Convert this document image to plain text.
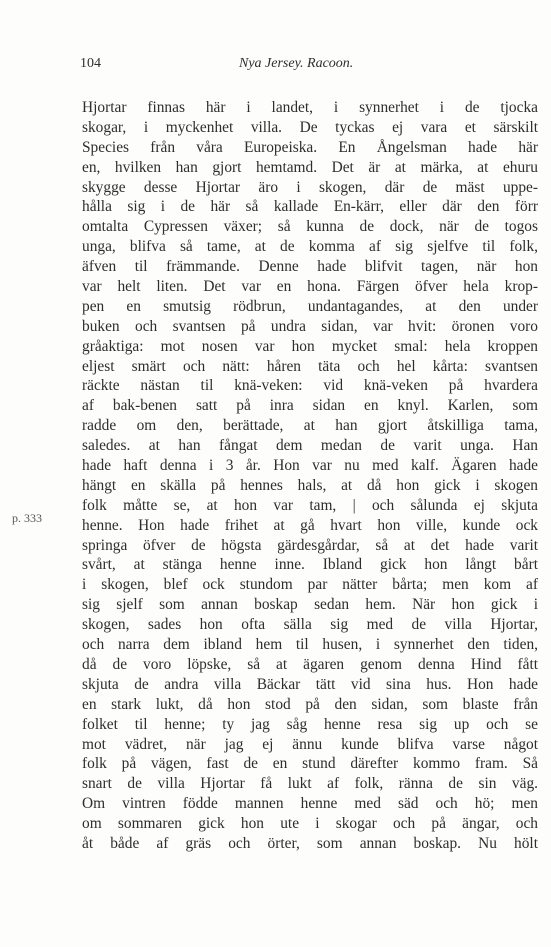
104	Nya Jersey. Racoon.
p. 333
Hjortar finnas här i landet, i synnerhet i de tjocka
skogar, i myckenhet villa. De tyckas ej vara et särskilt
Species från våra Europeiska. En Ångelsman hade här
en, hvilken han gjort hemtamd. Det är at märka, at ehuru
skygge desse Hjortar äro i skogen, där de mäst uppe-
hålla sig i de här så kallade En-kärr, eller där den förr
omtalta Cypressen växer; så kunna de dock, när de togos
unga, blifva så tame, at de komma af sig sjelfve til folk,
äfven til främmande. Denne hade blifvit tagen, när hon
var helt liten. Det var en hona. Färgen öfver hela krop-
pen en smutsig rödbrun, undantagandes, at den under
buken och svantsen på undra sidan, var hvit: öronen voro
gråaktiga: mot nosen var hon mycket smal: hela kroppen
eljest smärt och nätt: håren täta och hel kårta: svantsen
räckte nästan til knä-veken: vid knä-veken på hvardera
af bak-benen satt på inra sidan en knyl. Karlen, som
radde om den, berättade, at han gjort åtskilliga tama,
saledes. at han fångat dem medan de varit unga. Han
hade haft denna i 3 år. Hon var nu med kalf. Ägaren hade
hängt en skälla på hennes hals, at då hon gick i skogen
folk måtte se, at hon var tam, | och sålunda ej skjuta
henne. Hon hade frihet at gå hvart hon ville, kunde ock
springa öfver de högsta gärdesgårdar, så at det hade varit
svårt, at stänga henne inne. Ibland gick hon långt bårt
i skogen, blef ock stundom par nätter bårta; men kom af
sig sjelf som annan boskap sedan hem. När hon gick i
skogen, sades hon ofta sälla sig med de villa Hjortar,
och narra dem ibland hem til husen, i synnerhet den tiden,
då de voro löpske, så at ägaren genom denna Hind fått
skjuta de andra villa Bäckar tätt vid sina hus. Hon hade
en stark lukt, då hon stod på den sidan, som blaste från
folket til henne; ty jag såg henne resa sig up och se
mot vädret, när jag ej ännu kunde blifva varse något
folk på vägen, fast de en stund därefter kommo fram. Så
snart de villa Hjortar få lukt af folk, ränna de sin väg.
Om vintren födde mannen henne med säd och hö; men
om sommaren gick hon ute i skogar och på ängar, och
åt både af gräs och örter, som annan boskap. Nu hölt
